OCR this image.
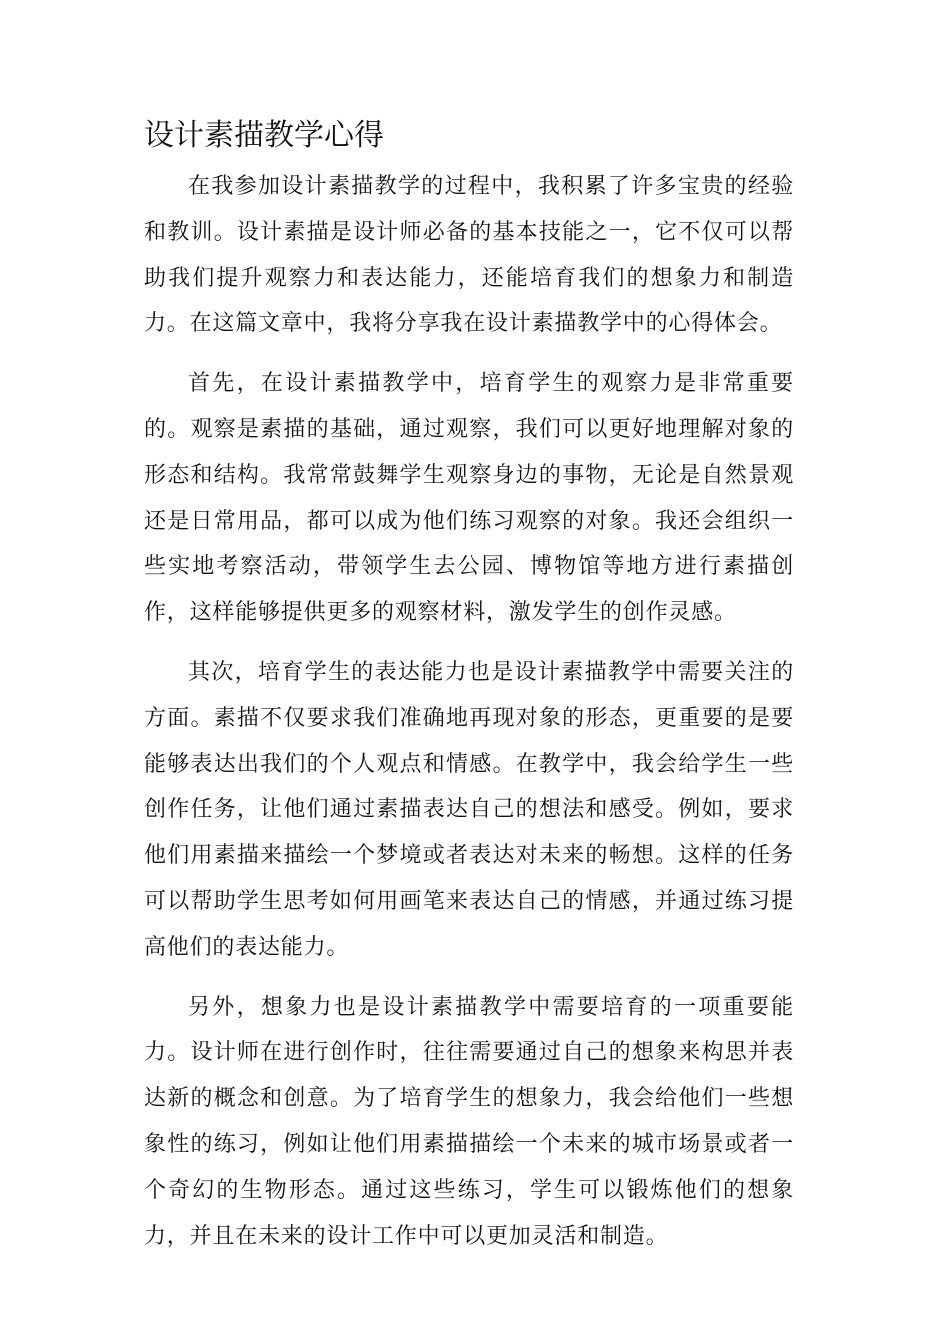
设计素描教学心得

在我参加设计素描教学的过程中，我积累了许多宝贵的经验和教训。设计素描是设计师必备的基本技能之一，它不仅可以帮助我们提升观察力和表达能力，还能培育我们的想象力和制造力。在这篇文章中，我将分享我在设计素描教学中的心得体会。

首先，在设计素描教学中，培育学生的观察力是非常重要的。观察是素描的基础，通过观察，我们可以更好地理解对象的形态和结构。我常常鼓舞学生观察身边的事物，无论是自然景观还是日常用品，都可以成为他们练习观察的对象。我还会组织一些实地考察活动，带领学生去公园、博物馆等地方进行素描创作，这样能够提供更多的观察材料，激发学生的创作灵感。

其次，培育学生的表达能力也是设计素描教学中需要关注的方面。素描不仅要求我们准确地再现对象的形态，更重要的是要能够表达出我们的个人观点和情感。在教学中，我会给学生一些创作任务，让他们通过素描表达自己的想法和感受。例如，要求他们用素描来描绘一个梦境或者表达对未来的畅想。这样的任务可以帮助学生思考如何用画笔来表达自己的情感，并通过练习提高他们的表达能力。

另外，想象力也是设计素描教学中需要培育的一项重要能力。设计师在进行创作时，往往需要通过自己的想象来构思并表达新的概念和创意。为了培育学生的想象力，我会给他们一些想象性的练习，例如让他们用素描描绘一个未来的城市场景或者一个奇幻的生物形态。通过这些练习，学生可以锻炼他们的想象力，并且在未来的设计工作中可以更加灵活和制造。
